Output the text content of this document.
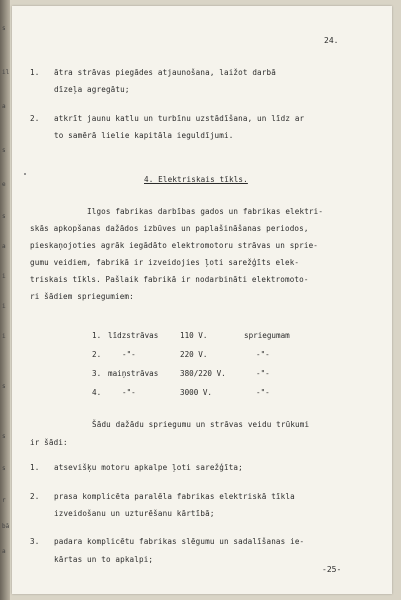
s
il
a
s
e
s
a
i
i
i
s
s
s
r
bā
a
24.
1. ātra strāvas piegādes atjaunošana, laižot darbā
dīzeļa agregātu;
2. atkrīt jaunu katlu un turbīnu uzstādīšana, un līdz ar
to samērā lielie kapitāla ieguldījumi.
4. Elektriskais tīkls.
Ilgos fabrikas darbības gados un fabrikas elektri-
skās apkopšanas dažādos izbūves un paplašināšanas periodos,
pieskaņojoties agrāk iegādāto elektromotoru strāvas un sprie-
gumu veidiem, fabrikā ir izveidojies ļoti sarežģīts elek-
triskais tīkls. Pašlaik fabrikā ir nodarbināti elektromoto-
ri šādiem spriegumiem:
1. līdzstrāvas	110 V.	spriegumam
2.	-"-	220 V.	-"-
3. maiņstrāvas	380/220 V.	-"-
4.	-"-	3000 V.	-"-
Šādu dažādu spriegumu un strāvas veidu trūkumi
ir šādi:
1. atsevišķu motoru apkalpe ļoti sarežģīta;
2. prasa komplicēta paralēla fabrikas elektriskā tīkla
izveidošanu un uzturēšanu kārtībā;
3. padara komplicētu fabrikas slēgumu un sadalīšanas ie-
kārtas un to apkalpi;
-25-
